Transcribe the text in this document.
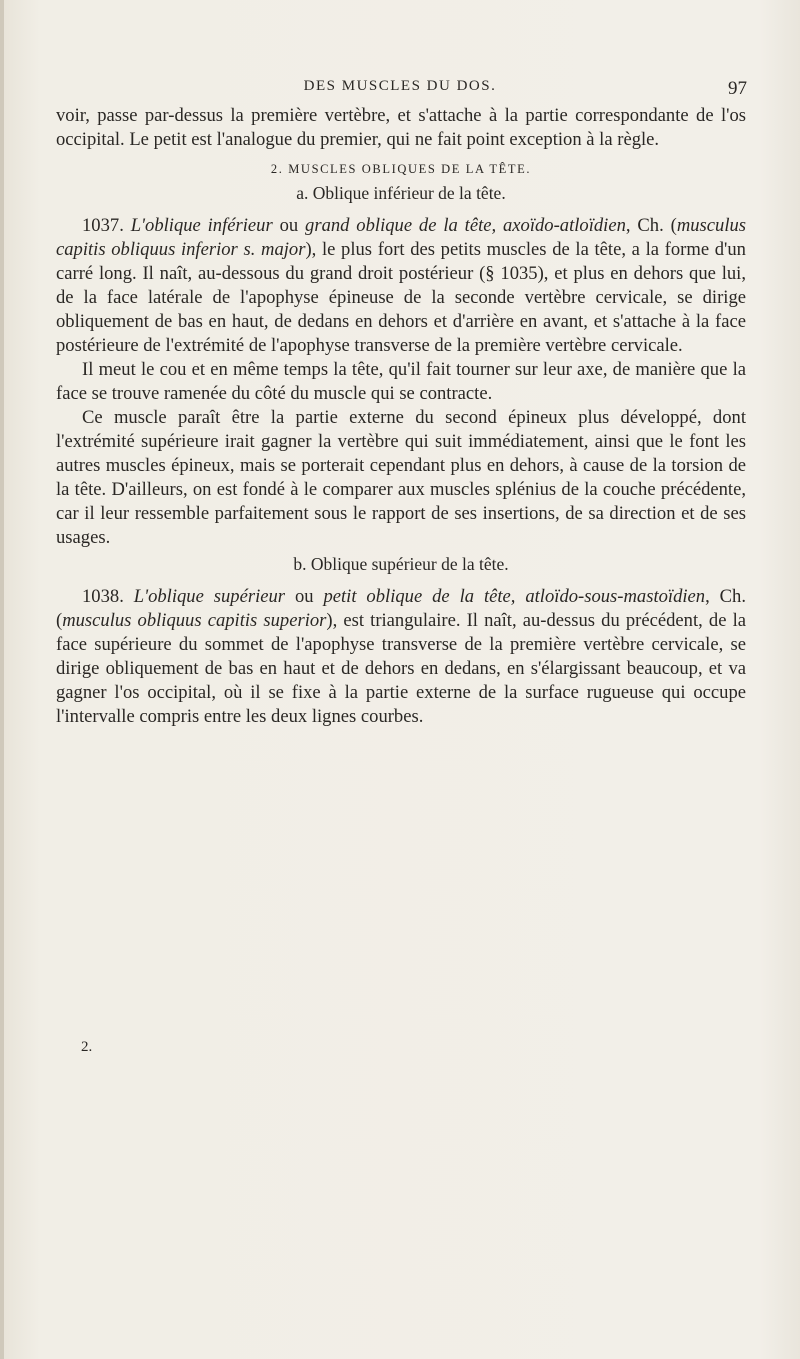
DES MUSCLES DU DOS.	97

voir, passe par-dessus la première vertèbre, et s'attache à la partie correspondante de l'os occipital. Le petit est l'analogue du premier, qui ne fait point exception à la règle.

2. MUSCLES OBLIQUES DE LA TÊTE.
a. Oblique inférieur de la tête.

1037. L'oblique inférieur ou grand oblique de la tête, axoïdo-atloïdien, Ch. (musculus capitis obliquus inferior s. major), le plus fort des petits muscles de la tête, a la forme d'un carré long. Il naît, au-dessous du grand droit postérieur (§ 1035), et plus en dehors que lui, de la face latérale de l'apophyse épineuse de la seconde vertèbre cervicale, se dirige obliquement de bas en haut, de dedans en dehors et d'arrière en avant, et s'attache à la face postérieure de l'extrémité de l'apophyse transverse de la première vertèbre cervicale.

Il meut le cou et en même temps la tête, qu'il fait tourner sur leur axe, de manière que la face se trouve ramenée du côté du muscle qui se contracte.

Ce muscle paraît être la partie externe du second épineux plus développé, dont l'extrémité supérieure irait gagner la vertèbre qui suit immédiatement, ainsi que le font les autres muscles épineux, mais se porterait cependant plus en dehors, à cause de la torsion de la tête. D'ailleurs, on est fondé à le comparer aux muscles splénius de la couche précédente, car il leur ressemble parfaitement sous le rapport de ses insertions, de sa direction et de ses usages.

b. Oblique supérieur de la tête.

1038. L'oblique supérieur ou petit oblique de la tête, atloïdo-sous-mastoïdien, Ch. (musculus obliquus capitis superior), est triangulaire. Il naît, au-dessus du précédent, de la face supérieure du sommet de l'apophyse transverse de la première vertèbre cervicale, se dirige obliquement de bas en haut et de dehors en dedans, en s'élargissant beaucoup, et va gagner l'os occipital, où il se fixe à la partie externe de la surface rugueuse qui occupe l'intervalle compris entre les deux lignes courbes.

2.
